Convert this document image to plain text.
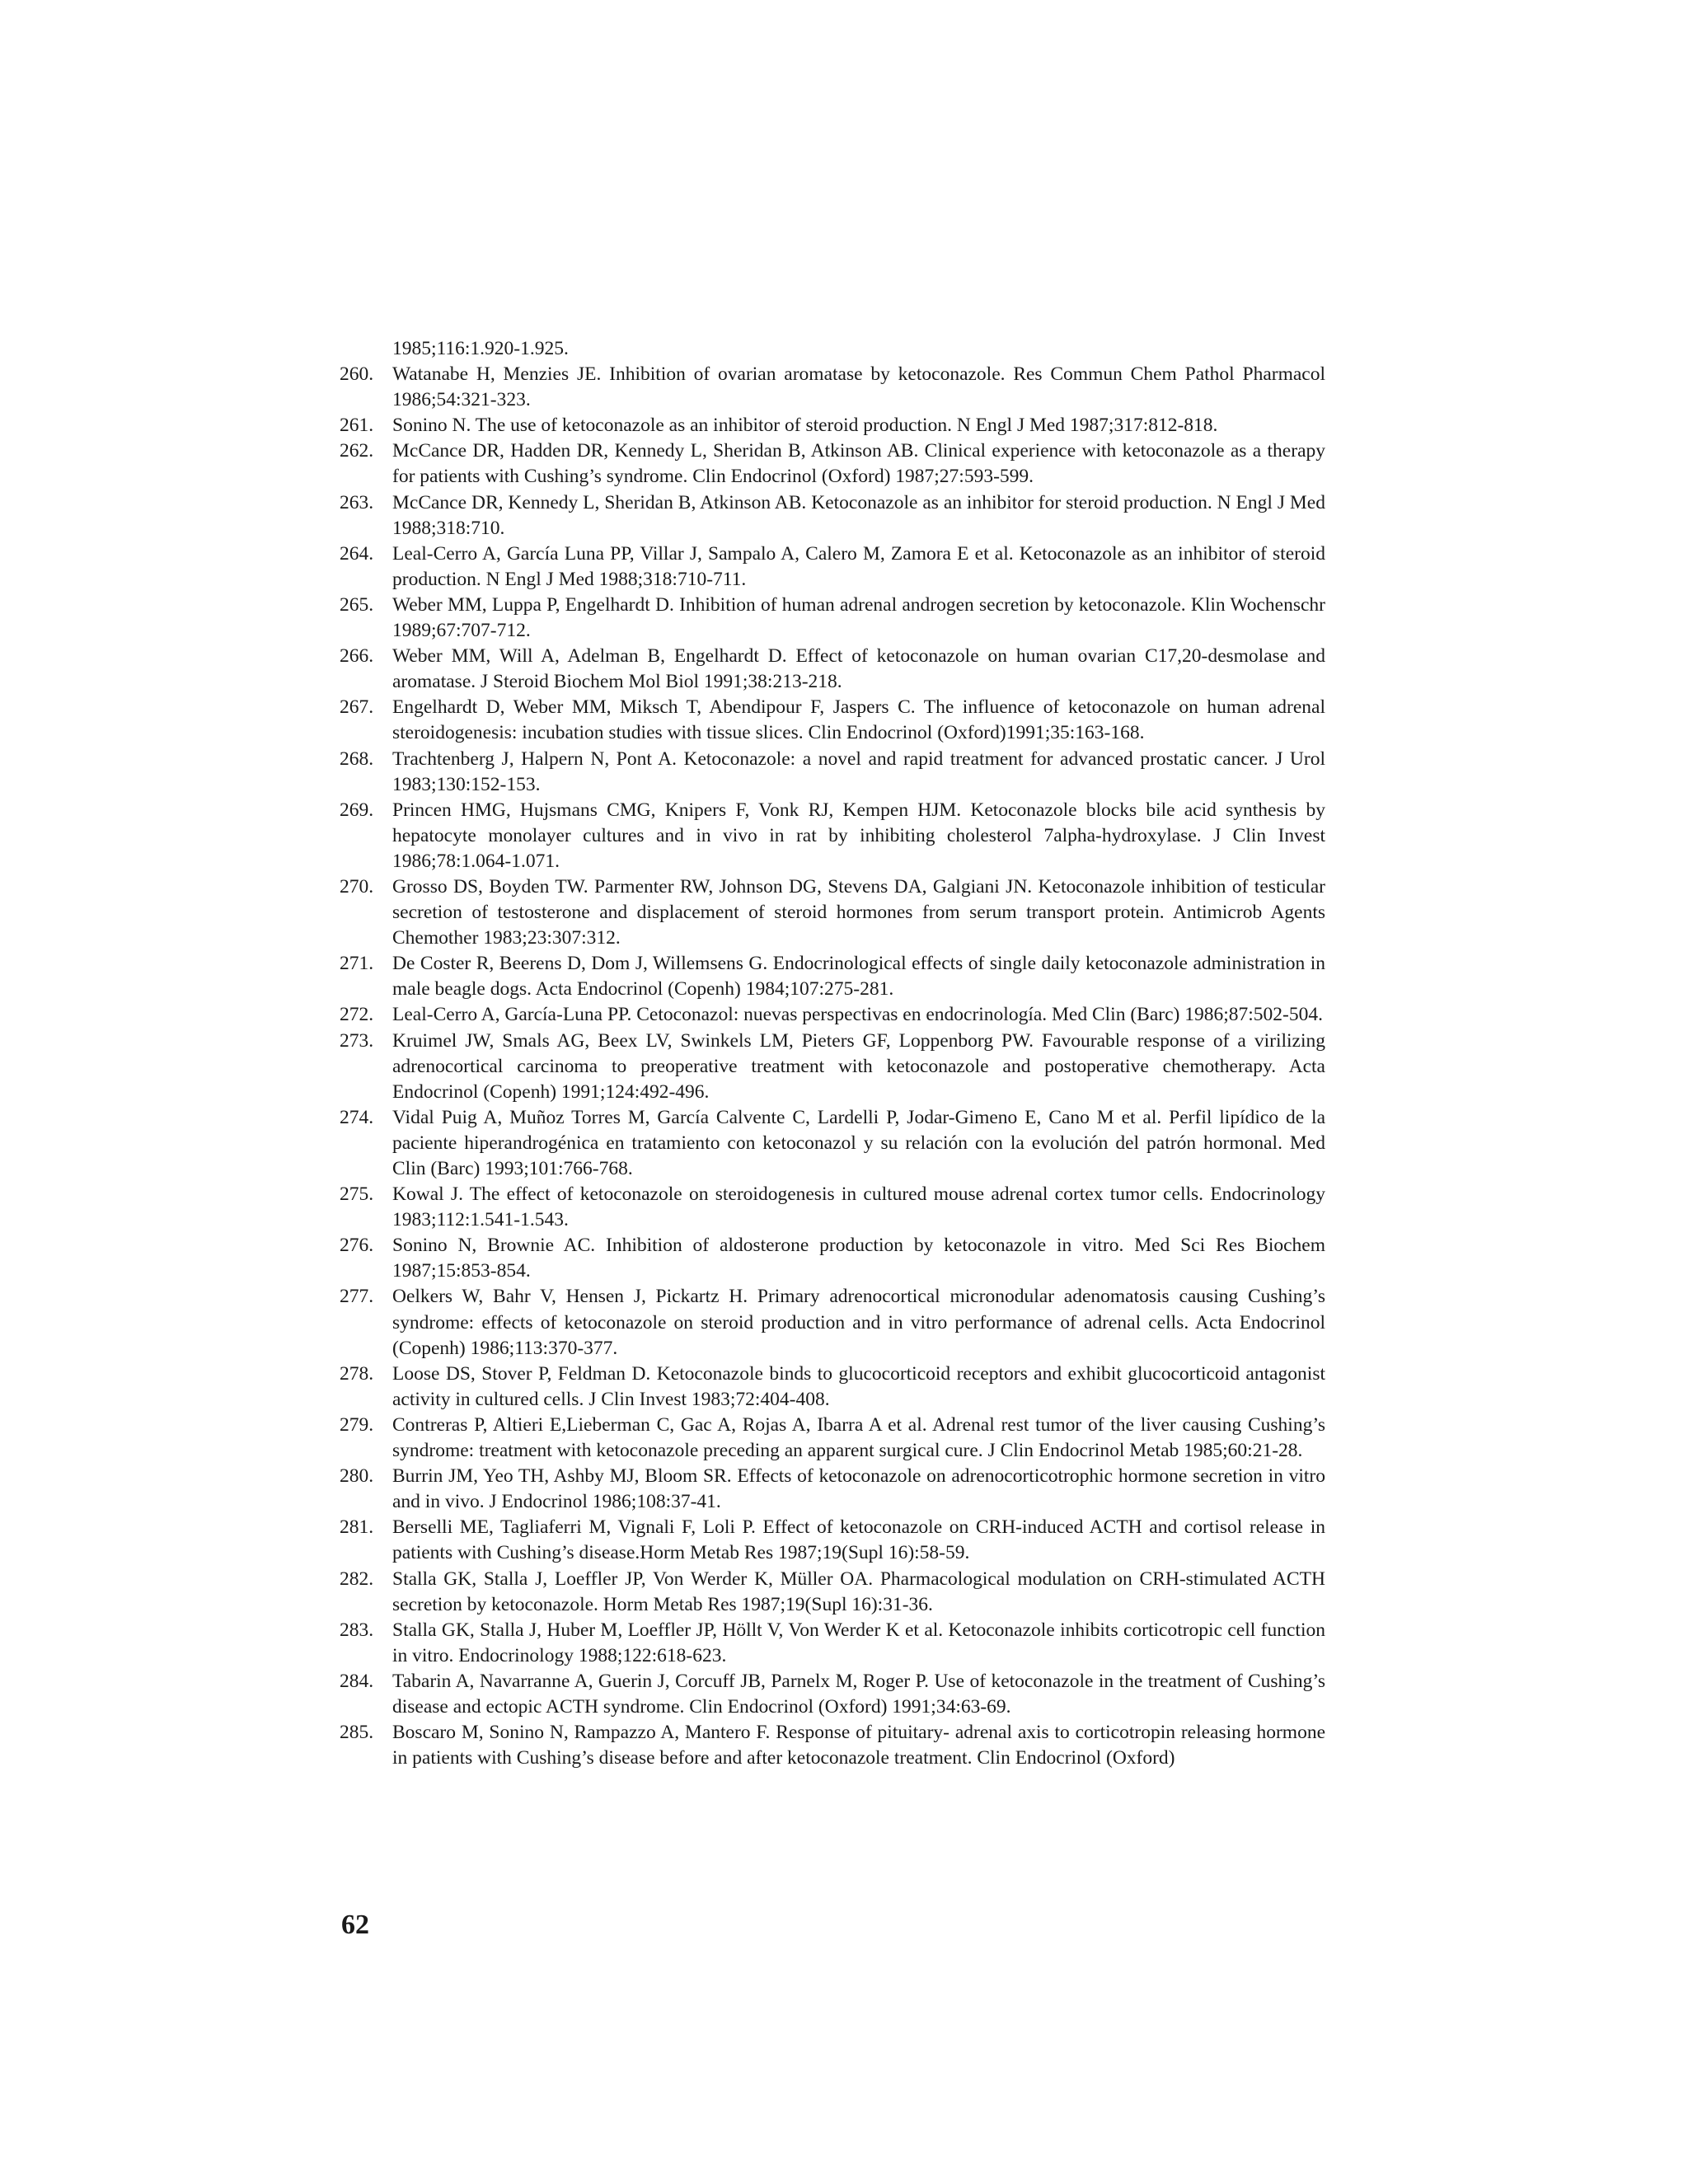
1985;116:1.920-1.925.
260. Watanabe H, Menzies JE. Inhibition of ovarian aromatase by ketoconazole. Res Commun Chem Pathol Pharmacol 1986;54:321-323.
261. Sonino N. The use of ketoconazole as an inhibitor of steroid production. N Engl J Med 1987;317:812-818.
262. McCance DR, Hadden DR, Kennedy L, Sheridan B, Atkinson AB. Clinical experience with ketoconazole as a therapy for patients with Cushing’s syndrome. Clin Endocrinol (Oxford) 1987;27:593-599.
263. McCance DR, Kennedy L, Sheridan B, Atkinson AB. Ketoconazole as an inhibitor for steroid production. N Engl J Med 1988;318:710.
264. Leal-Cerro A, García Luna PP, Villar J, Sampalo A, Calero M, Zamora E et al. Ketoconazole as an inhibitor of steroid production. N Engl J Med 1988;318:710-711.
265. Weber MM, Luppa P, Engelhardt D. Inhibition of human adrenal androgen secretion by ketoconazole. Klin Wochenschr 1989;67:707-712.
266. Weber MM, Will A, Adelman B, Engelhardt D. Effect of ketoconazole on human ovarian C17,20-desmolase and aromatase. J Steroid Biochem Mol Biol 1991;38:213-218.
267. Engelhardt D, Weber MM, Miksch T, Abendipour F, Jaspers C. The influence of ketoconazole on human adrenal steroidogenesis: incubation studies with tissue slices. Clin Endocrinol (Oxford)1991;35:163-168.
268. Trachtenberg J, Halpern N, Pont A. Ketoconazole: a novel and rapid treatment for advanced prostatic cancer. J Urol 1983;130:152-153.
269. Princen HMG, Hujsmans CMG, Knipers F, Vonk RJ, Kempen HJM. Ketoconazole blocks bile acid synthesis by hepatocyte monolayer cultures and in vivo in rat by inhibiting cholesterol 7alpha-hydroxylase. J Clin Invest 1986;78:1.064-1.071.
270. Grosso DS, Boyden TW. Parmenter RW, Johnson DG, Stevens DA, Galgiani JN. Ketoconazole inhibition of testicular secretion of testosterone and displacement of steroid hormones from serum transport protein. Antimicrob Agents Chemother 1983;23:307:312.
271. De Coster R, Beerens D, Dom J, Willemsens G. Endocrinological effects of single daily ketoconazole administration in male beagle dogs. Acta Endocrinol (Copenh) 1984;107:275-281.
272. Leal-Cerro A, García-Luna PP. Cetoconazol: nuevas perspectivas en endocrinología. Med Clin (Barc) 1986;87:502-504.
273. Kruimel JW, Smals AG, Beex LV, Swinkels LM, Pieters GF, Loppenborg PW. Favourable response of a virilizing adrenocortical carcinoma to preoperative treatment with ketoconazole and postoperative chemotherapy. Acta Endocrinol (Copenh) 1991;124:492-496.
274. Vidal Puig A, Muñoz Torres M, García Calvente C, Lardelli P, Jodar-Gimeno E, Cano M et al. Perfil lipídico de la paciente hiperandrogénica en tratamiento con ketoconazol y su relación con la evolución del patrón hormonal. Med Clin (Barc) 1993;101:766-768.
275. Kowal J. The effect of ketoconazole on steroidogenesis in cultured mouse adrenal cortex tumor cells. Endocrinology 1983;112:1.541-1.543.
276. Sonino N, Brownie AC. Inhibition of aldosterone production by ketoconazole in vitro. Med Sci Res Biochem 1987;15:853-854.
277. Oelkers W, Bahr V, Hensen J, Pickartz H. Primary adrenocortical micronodular adenomatosis causing Cushing’s syndrome: effects of ketoconazole on steroid production and in vitro performance of adrenal cells. Acta Endocrinol (Copenh) 1986;113:370-377.
278. Loose DS, Stover P, Feldman D. Ketoconazole binds to glucocorticoid receptors and exhibit glucocorticoid antagonist activity in cultured cells. J Clin Invest 1983;72:404-408.
279. Contreras P, Altieri E,Lieberman C, Gac A, Rojas A, Ibarra A et al. Adrenal rest tumor of the liver causing Cushing’s syndrome: treatment with ketoconazole preceding an apparent surgical cure. J Clin Endocrinol Metab 1985;60:21-28.
280. Burrin JM, Yeo TH, Ashby MJ, Bloom SR. Effects of ketoconazole on adrenocorticotrophic hormone secretion in vitro and in vivo. J Endocrinol 1986;108:37-41.
281. Berselli ME, Tagliaferri M, Vignali F, Loli P. Effect of ketoconazole on CRH-induced ACTH and cortisol release in patients with Cushing’s disease.Horm Metab Res 1987;19(Supl 16):58-59.
282. Stalla GK, Stalla J, Loeffler JP, Von Werder K, Müller OA. Pharmacological modulation on CRH-stimulated ACTH secretion by ketoconazole. Horm Metab Res 1987;19(Supl 16):31-36.
283. Stalla GK, Stalla J, Huber M, Loeffler JP, Höllt V, Von Werder K et al. Ketoconazole inhibits corticotropic cell function in vitro. Endocrinology 1988;122:618-623.
284. Tabarin A, Navarranne A, Guerin J, Corcuff JB, Parnelx M, Roger P. Use of ketoconazole in the treatment of Cushing’s disease and ectopic ACTH syndrome. Clin Endocrinol (Oxford) 1991;34:63-69.
285. Boscaro M, Sonino N, Rampazzo A, Mantero F. Response of pituitary- adrenal axis to corticotropin releasing hormone in patients with Cushing’s disease before and after ketoconazole treatment. Clin Endocrinol (Oxford)
62
